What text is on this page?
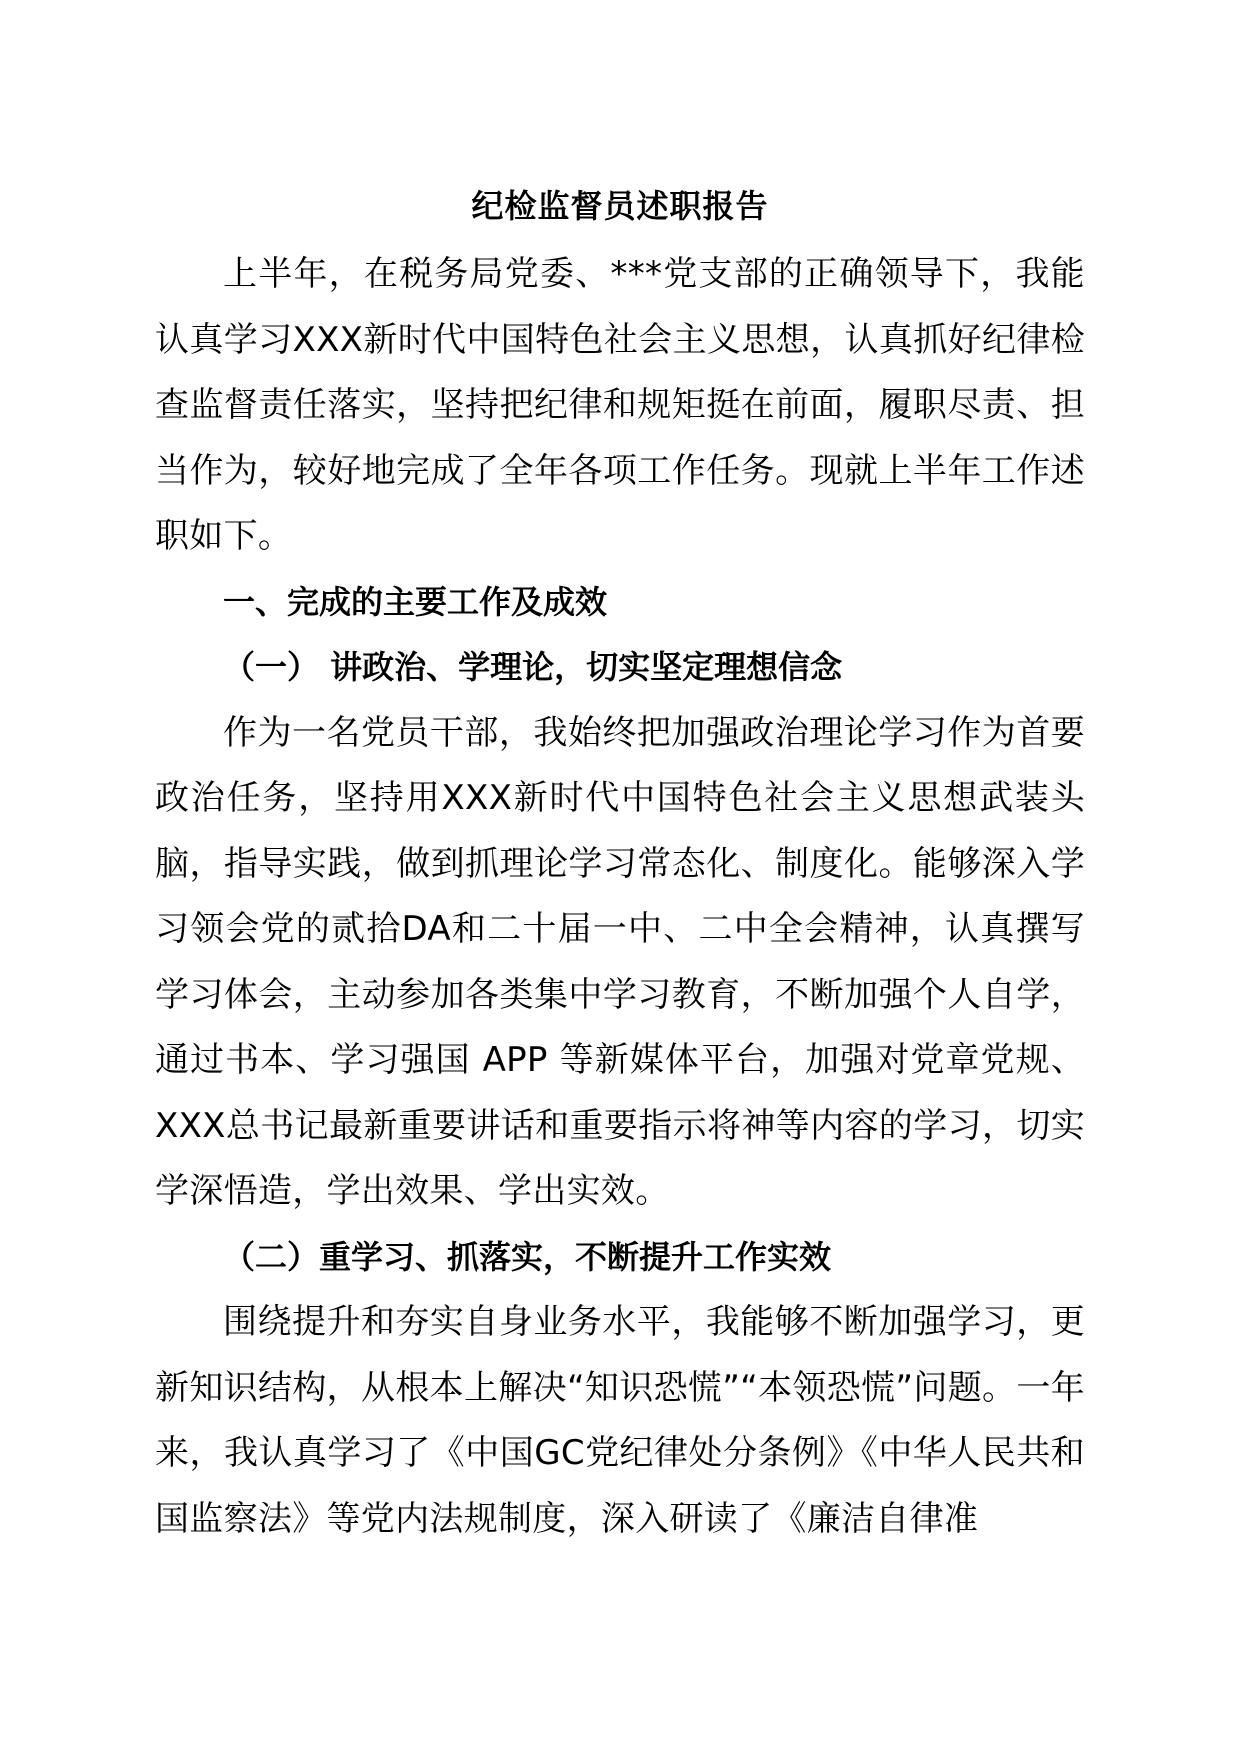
纪检监督员述职报告

上半年，在税务局党委、***党支部的正确领导下，我能认真学习XXX新时代中国特色社会主义思想，认真抓好纪律检查监督责任落实，坚持把纪律和规矩挺在前面，履职尽责、担当作为，较好地完成了全年各项工作任务。现就上半年工作述职如下。

一、完成的主要工作及成效

（一） 讲政治、学理论，切实坚定理想信念

作为一名党员干部，我始终把加强政治理论学习作为首要政治任务，坚持用XXX新时代中国特色社会主义思想武装头脑，指导实践，做到抓理论学习常态化、制度化。能够深入学习领会党的贰拾DA和二十届一中、二中全会精神，认真撰写学习体会，主动参加各类集中学习教育，不断加强个人自学，通过书本、学习强国 APP 等新媒体平台，加强对党章党规、XXX总书记最新重要讲话和重要指示将神等内容的学习，切实学深悟造，学出效果、学出实效。

（二）重学习、抓落实，不断提升工作实效

围绕提升和夯实自身业务水平，我能够不断加强学习，更新知识结构，从根本上解决“知识恐慌”“本领恐慌”问题。一年来，我认真学习了《中国GC党纪律处分条例》《中华人民共和国监察法》等党内法规制度，深入研读了《廉洁自律准
